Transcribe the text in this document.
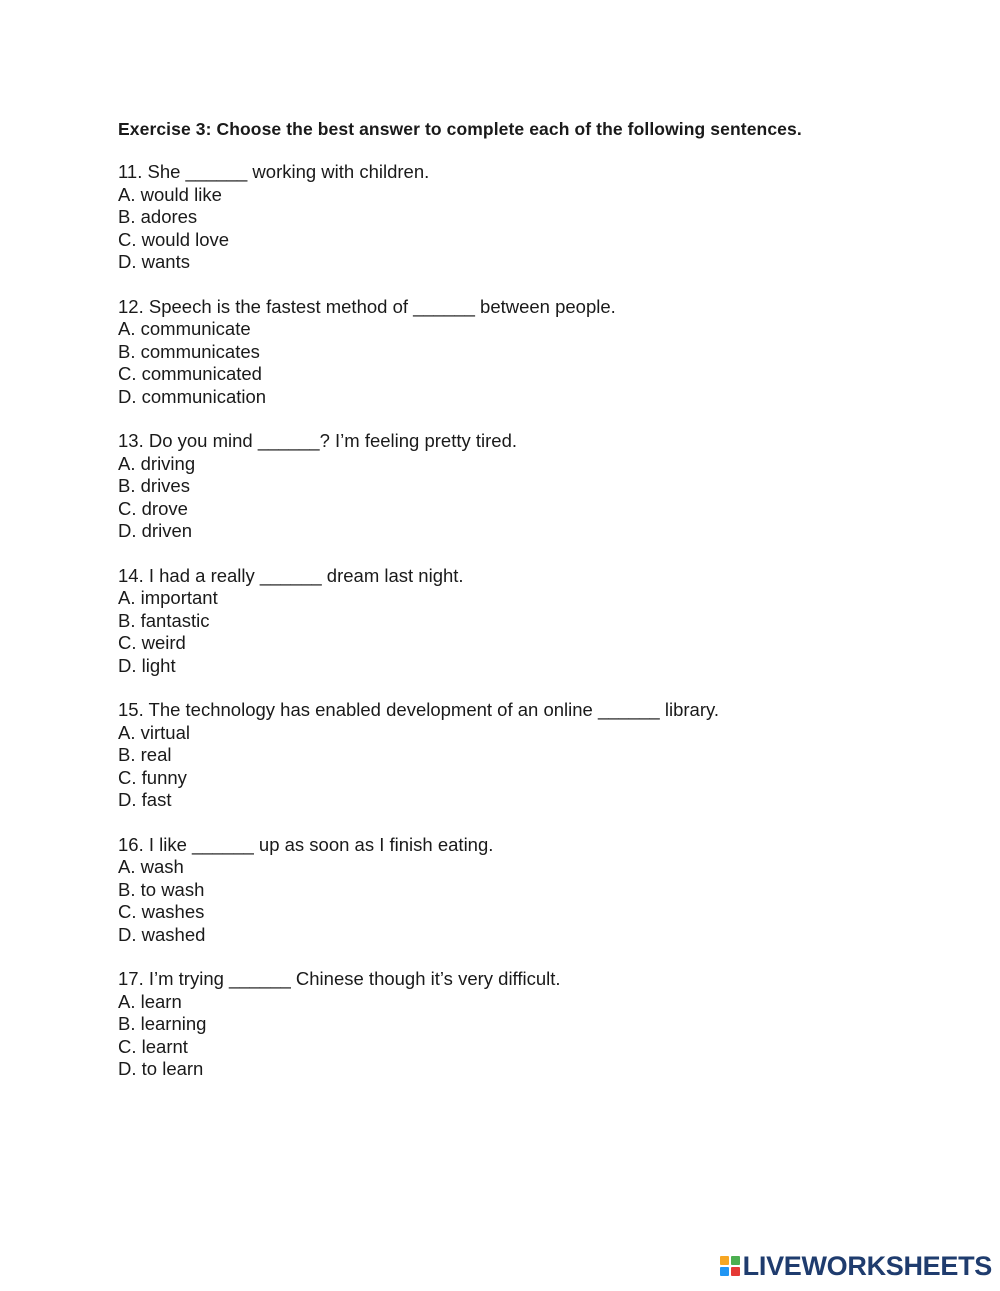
Exercise 3: Choose the best answer to complete each of the following sentences.
11. She ______ working with children.
A. would like
B. adores
C. would love
D. wants
12. Speech is the fastest method of ______ between people.
A. communicate
B. communicates
C. communicated
D. communication
13. Do you mind ______? I’m feeling pretty tired.
A. driving
B. drives
C. drove
D. driven
14. I had a really ______ dream last night.
A. important
B. fantastic
C. weird
D. light
15. The technology has enabled development of an online ______ library.
A. virtual
B. real
C. funny
D. fast
16. I like ______ up as soon as I finish eating.
A. wash
B. to wash
C. washes
D. washed
17. I’m trying ______ Chinese though it’s very difficult.
A. learn
B. learning
C. learnt
D. to learn
LIVEWORKSHEETS
